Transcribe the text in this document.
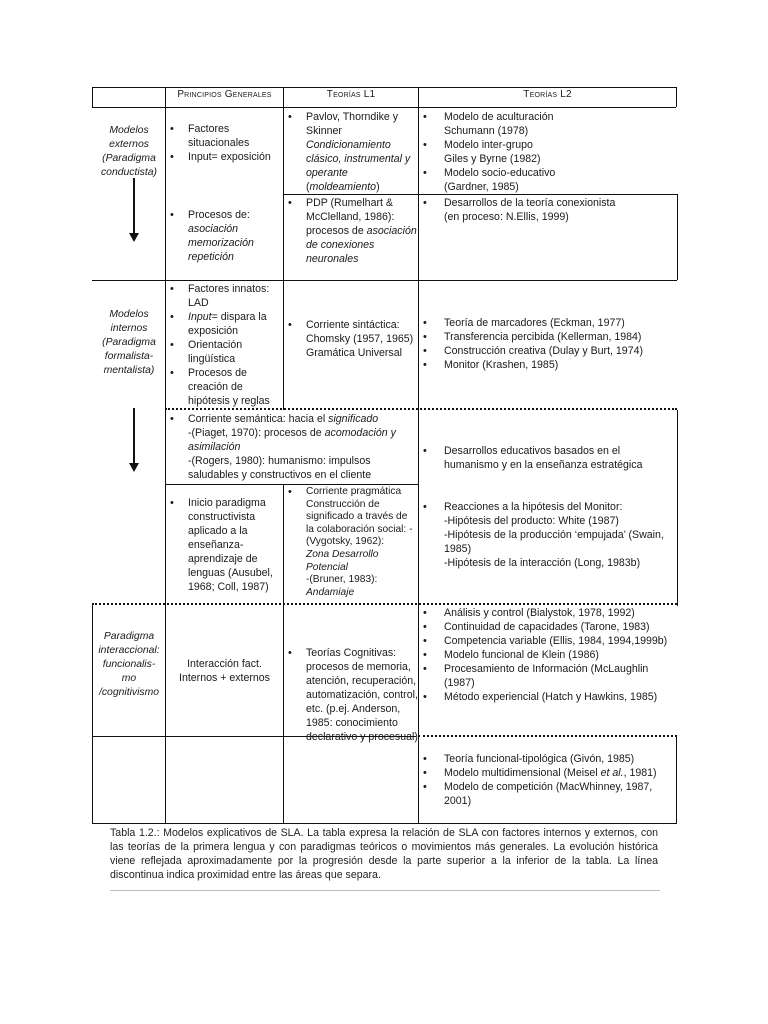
Principios Generales	Teorías L1	Teorías L2
Modelos
externos
(Paradigma
conductista)
• Factores situacionales
• Input= exposición
• Procesos de:
asociación
memorización
repetición
• Pavlov, Thorndike y Skinner Condicionamiento clásico, instrumental y operante
(moldeamiento)
• PDP (Rumelhart & McClelland, 1986): procesos de asociación de conexiones neuronales
• Modelo de aculturación
Schumann (1978)
• Modelo inter-grupo
Giles y Byrne (1982)
• Modelo socio-educativo
(Gardner, 1985)
• Desarrollos de la teoría conexionista
(en proceso: N.Ellis, 1999)
Modelos
internos
(Paradigma
formalista-
mentalista)
• Factores innatos: LAD
• Input= dispara la exposición
• Orientación lingüística
• Procesos de creación de hipótesis y reglas
• Corriente sintáctica: Chomsky (1957, 1965) Gramática Universal
• Teoría de marcadores (Eckman, 1977)
• Transferencia percibida (Kellerman, 1984)
• Construcción creativa (Dulay y Burt, 1974)
• Monitor (Krashen, 1985)
• Corriente semántica: hacia el significado
-(Piaget, 1970): procesos de acomodación y asimilación
-(Rogers, 1980): humanismo: impulsos saludables y constructivos en el cliente
• Desarrollos educativos basados en el humanismo y en la enseñanza estratégica
• Inicio paradigma constructivista aplicado a la enseñanza-aprendizaje de lenguas (Ausubel, 1968; Coll, 1987)
• Corriente pragmática Construcción de significado a través de la colaboración social: -(Vygotsky, 1962):
Zona Desarrollo Potencial
-(Bruner, 1983):
Andamiaje
• Reacciones a la hipótesis del Monitor:
-Hipótesis del producto: White (1987)
-Hipótesis de la producción ‘empujada’ (Swain, 1985)
-Hipótesis de la interacción (Long, 1983b)
Paradigma
interaccional:
funcionalis-
mo
/cognitivismo
Interacción fact.
Internos + externos
• Teorías Cognitivas: procesos de memoria, atención, recuperación, automatización, control, etc. (p.ej. Anderson, 1985: conocimiento declarativo y procesual)
• Análisis y control (Bialystok, 1978, 1992)
• Continuidad de capacidades (Tarone, 1983)
• Competencia variable (Ellis, 1984, 1994,1999b)
• Modelo funcional de Klein (1986)
• Procesamiento de Información (McLaughlin (1987)
• Método experiencial (Hatch y Hawkins, 1985)
• Teoría funcional-tipológica (Givón, 1985)
• Modelo multidimensional (Meisel et al., 1981)
• Modelo de competición (MacWhinney, 1987, 2001)
Tabla 1.2.: Modelos explicativos de SLA. La tabla expresa la relación de SLA con factores internos y externos, con las teorías de la primera lengua y con paradigmas teóricos o movimientos más generales. La evolución histórica viene reflejada aproximadamente por la progresión desde la parte superior a la inferior de la tabla. La línea discontinua indica proximidad entre las áreas que separa.
